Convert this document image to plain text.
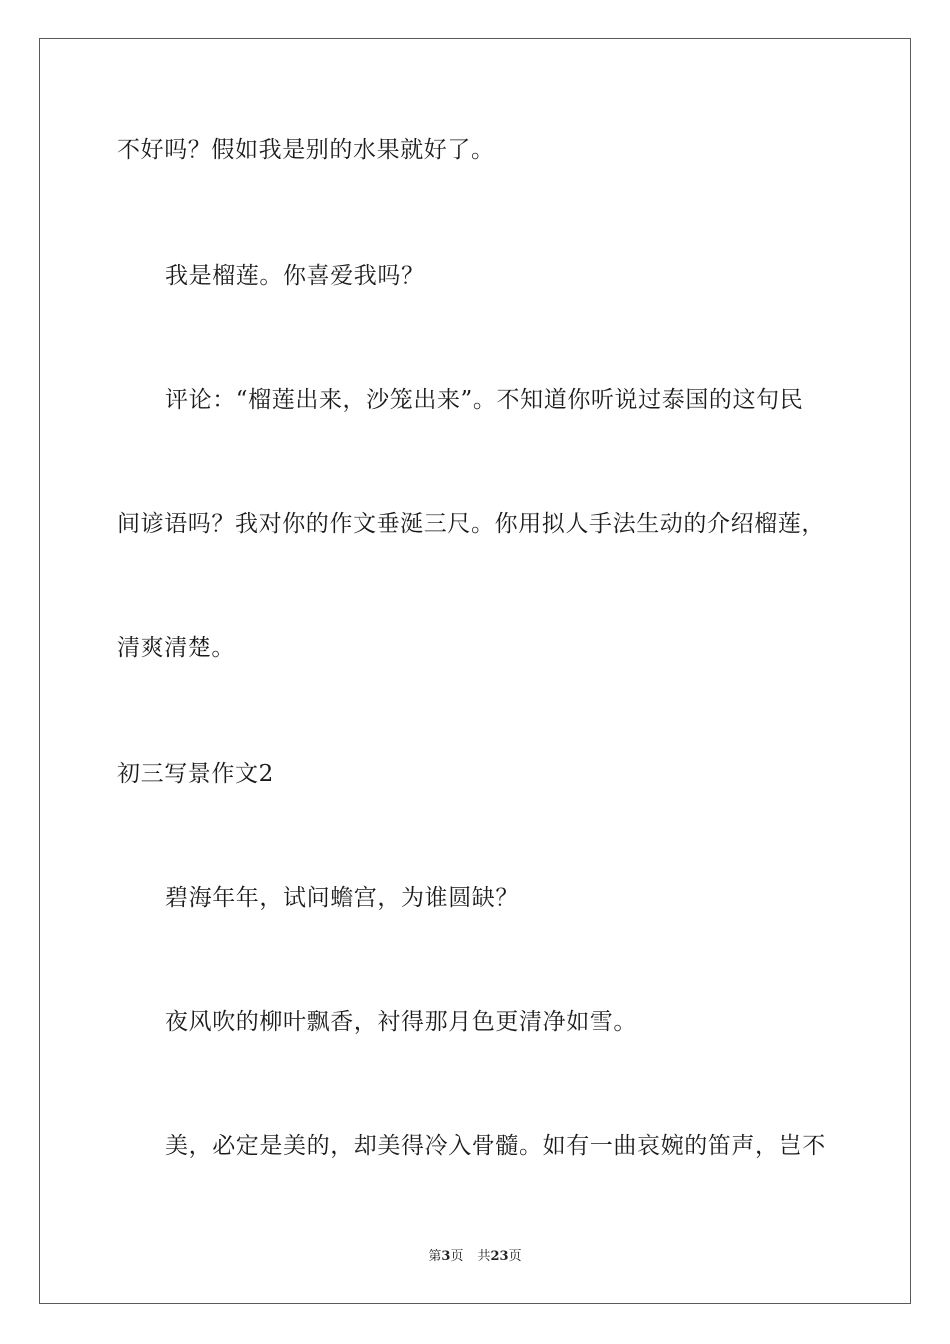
不好吗？假如我是别的水果就好了。

我是榴莲。你喜爱我吗？

评论：“榴莲出来，沙笼出来”。不知道你听说过泰国的这句民

间谚语吗？我对你的作文垂涎三尺。你用拟人手法生动的介绍榴莲，

清爽清楚。

初三写景作文2

碧海年年，试问蟾宫，为谁圆缺？

夜风吹的柳叶飘香，衬得那月色更清净如雪。

美，必定是美的，却美得冷入骨髓。如有一曲哀婉的笛声，岂不

第3页 共23页
